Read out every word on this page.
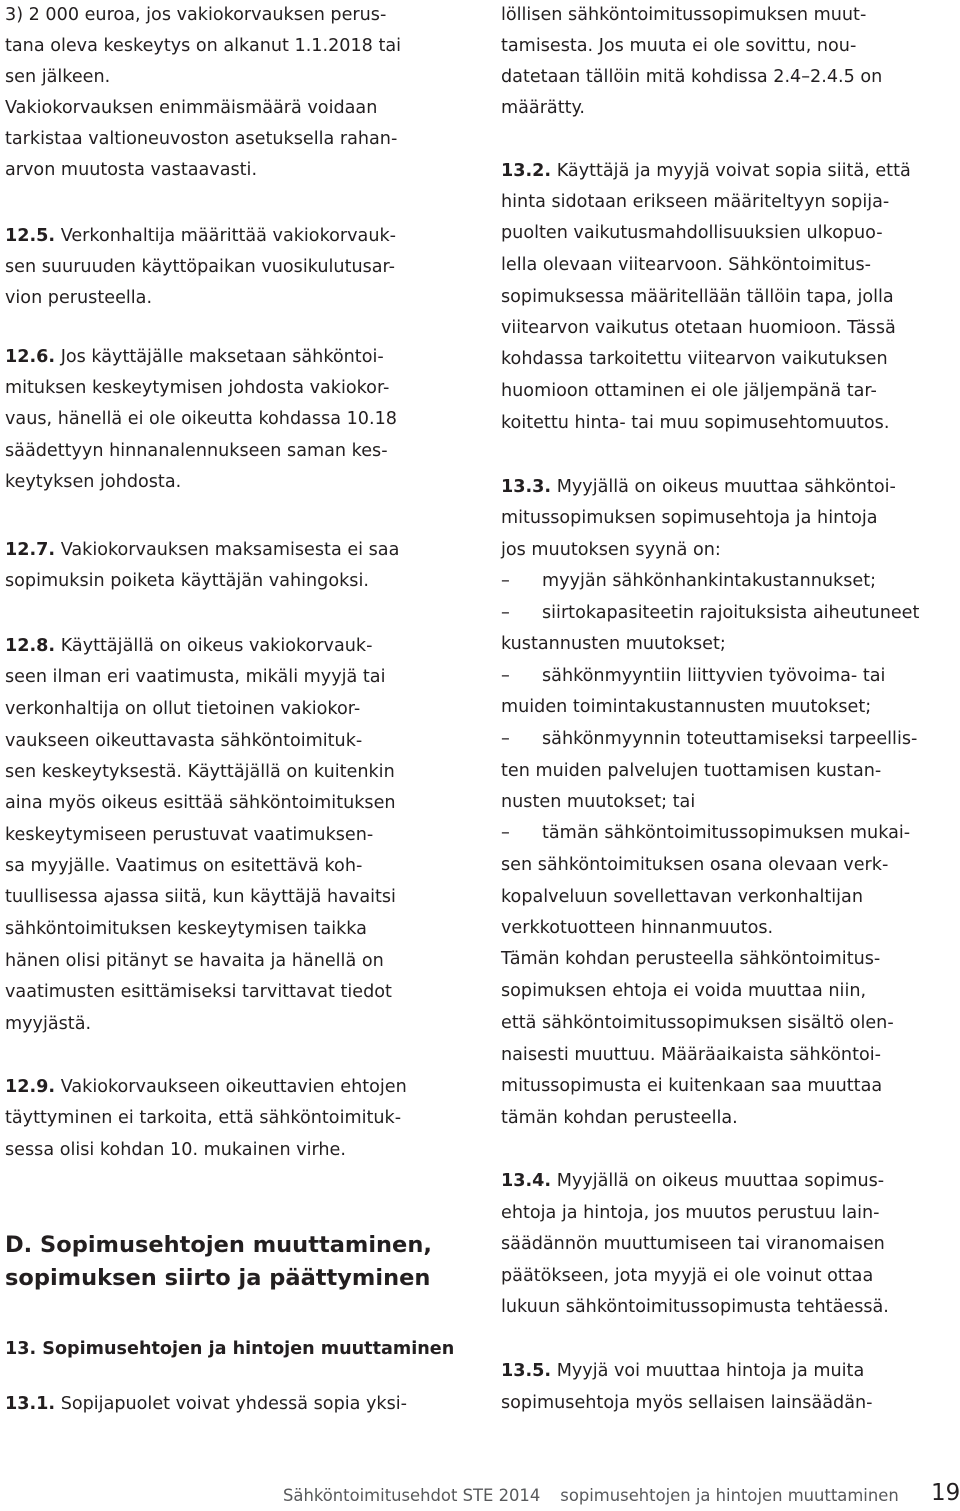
3) 2 000 euroa, jos vakiokorvauksen perus-
tana oleva keskeytys on alkanut 1.1.2018 tai
sen jälkeen.
Vakiokorvauksen enimmäismäärä voidaan
tarkistaa valtioneuvoston asetuksella rahan-
arvon muutosta vastaavasti.
12.5. Verkonhaltija määrittää vakiokorvauk-
sen suuruuden käyttöpaikan vuosikulutusar-
vion perusteella.
12.6. Jos käyttäjälle maksetaan sähköntoi-
mituksen keskeytymisen johdosta vakiokor-
vaus, hänellä ei ole oikeutta kohdassa 10.18
säädettyyn hinnanalennukseen saman kes-
keytyksen johdosta.
12.7. Vakiokorvauksen maksamisesta ei saa
sopimuksin poiketa käyttäjän vahingoksi.
12.8. Käyttäjällä on oikeus vakiokorvauk-
seen ilman eri vaatimusta, mikäli myyjä tai
verkonhaltija on ollut tietoinen vakiokor-
vaukseen oikeuttavasta sähköntoimituk-
sen keskeytyksestä. Käyttäjällä on kuitenkin
aina myös oikeus esittää sähköntoimituksen
keskeytymiseen perustuvat vaatimuksen-
sa myyjälle. Vaatimus on esitettävä koh-
tuullisessa ajassa siitä, kun käyttäjä havaitsi
sähköntoimituksen keskeytymisen taikka
hänen olisi pitänyt se havaita ja hänellä on
vaatimusten esittämiseksi tarvittavat tiedot
myyjästä.
12.9. Vakiokorvaukseen oikeuttavien ehtojen
täyttyminen ei tarkoita, että sähköntoimituk-
sessa olisi kohdan 10. mukainen virhe.
D. Sopimusehtojen muuttaminen,
sopimuksen siirto ja päättyminen
13. Sopimusehtojen ja hintojen muuttaminen
13.1. Sopijapuolet voivat yhdessä sopia yksi-
löllisen sähköntoimitussopimuksen muut-
tamisesta. Jos muuta ei ole sovittu, nou-
datetaan tällöin mitä kohdissa 2.4–2.4.5 on
määrätty.
13.2. Käyttäjä ja myyjä voivat sopia siitä, että
hinta sidotaan erikseen määriteltyyn sopija-
puolten vaikutusmahdollisuuksien ulkopuo-
lella olevaan viitearvoon. Sähköntoimitus-
sopimuksessa määritellään tällöin tapa, jolla
viitearvon vaikutus otetaan huomioon. Tässä
kohdassa tarkoitettu viitearvon vaikutuksen
huomioon ottaminen ei ole jäljempänä tar-
koitettu hinta- tai muu sopimusehtomuutos.
13.3. Myyjällä on oikeus muuttaa sähköntoi-
mitussopimuksen sopimusehtoja ja hintoja
jos muutoksen syynä on:
– myyjän sähkönhankintakustannukset;
– siirtokapasiteetin rajoituksista aiheutuneet
kustannusten muutokset;
– sähkönmyyntiin liittyvien työvoima- tai
muiden toimintakustannusten muutokset;
– sähkönmyynnin toteuttamiseksi tarpeellis-
ten muiden palvelujen tuottamisen kustan-
nusten muutokset; tai
– tämän sähköntoimitussopimuksen mukai-
sen sähköntoimituksen osana olevaan verk-
kopalveluun sovellettavan verkonhaltijan
verkkotuotteen hinnanmuutos.
Tämän kohdan perusteella sähköntoimitus-
sopimuksen ehtoja ei voida muuttaa niin,
että sähköntoimitussopimuksen sisältö olen-
naisesti muuttuu. Määräaikaista sähköntoi-
mitussopimusta ei kuitenkaan saa muuttaa
tämän kohdan perusteella.
13.4. Myyjällä on oikeus muuttaa sopimus-
ehtoja ja hintoja, jos muutos perustuu lain-
säädännön muuttumiseen tai viranomaisen
päätökseen, jota myyjä ei ole voinut ottaa
lukuun sähköntoimitussopimusta tehtäessä.
13.5. Myyjä voi muuttaa hintoja ja muita
sopimusehtoja myös sellaisen lainsäädän-
Sähköntoimitusehdot STE 2014 sopimusehtojen ja hintojen muuttaminen 19
